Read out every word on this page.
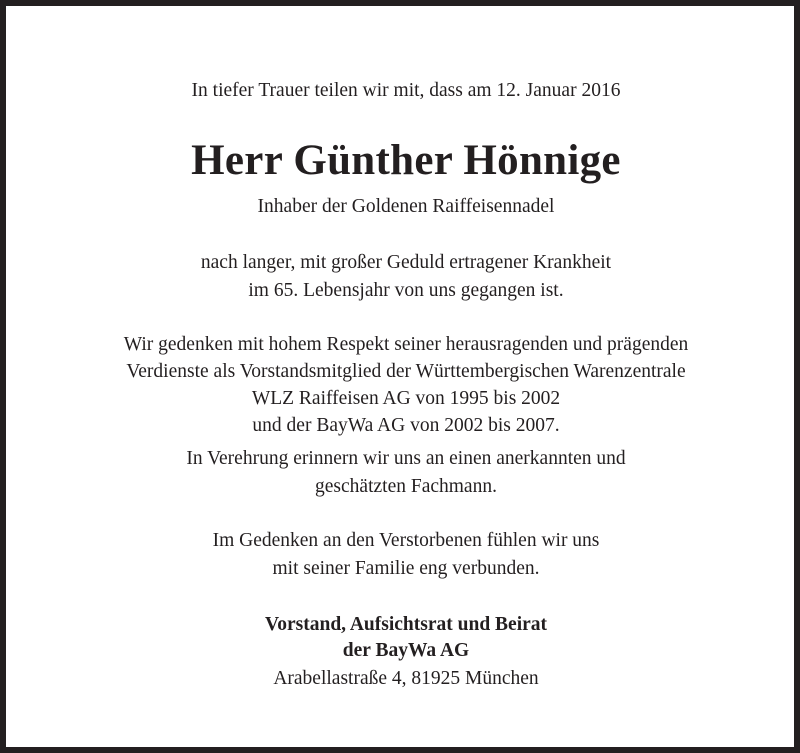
In tiefer Trauer teilen wir mit, dass am 12. Januar 2016
Herr Günther Hönnige
Inhaber der Goldenen Raiffeisennadel
nach langer, mit großer Geduld ertragener Krankheit
im 65. Lebensjahr von uns gegangen ist.
Wir gedenken mit hohem Respekt seiner herausragenden und prägenden
Verdienste als Vorstandsmitglied der Württembergischen Warenzentrale
WLZ Raiffeisen AG von 1995 bis 2002
und der BayWa AG von 2002 bis 2007.
In Verehrung erinnern wir uns an einen anerkannten und
geschätzten Fachmann.
Im Gedenken an den Verstorbenen fühlen wir uns
mit seiner Familie eng verbunden.
Vorstand, Aufsichtsrat und Beirat
der BayWa AG
Arabellastraße 4, 81925 München
